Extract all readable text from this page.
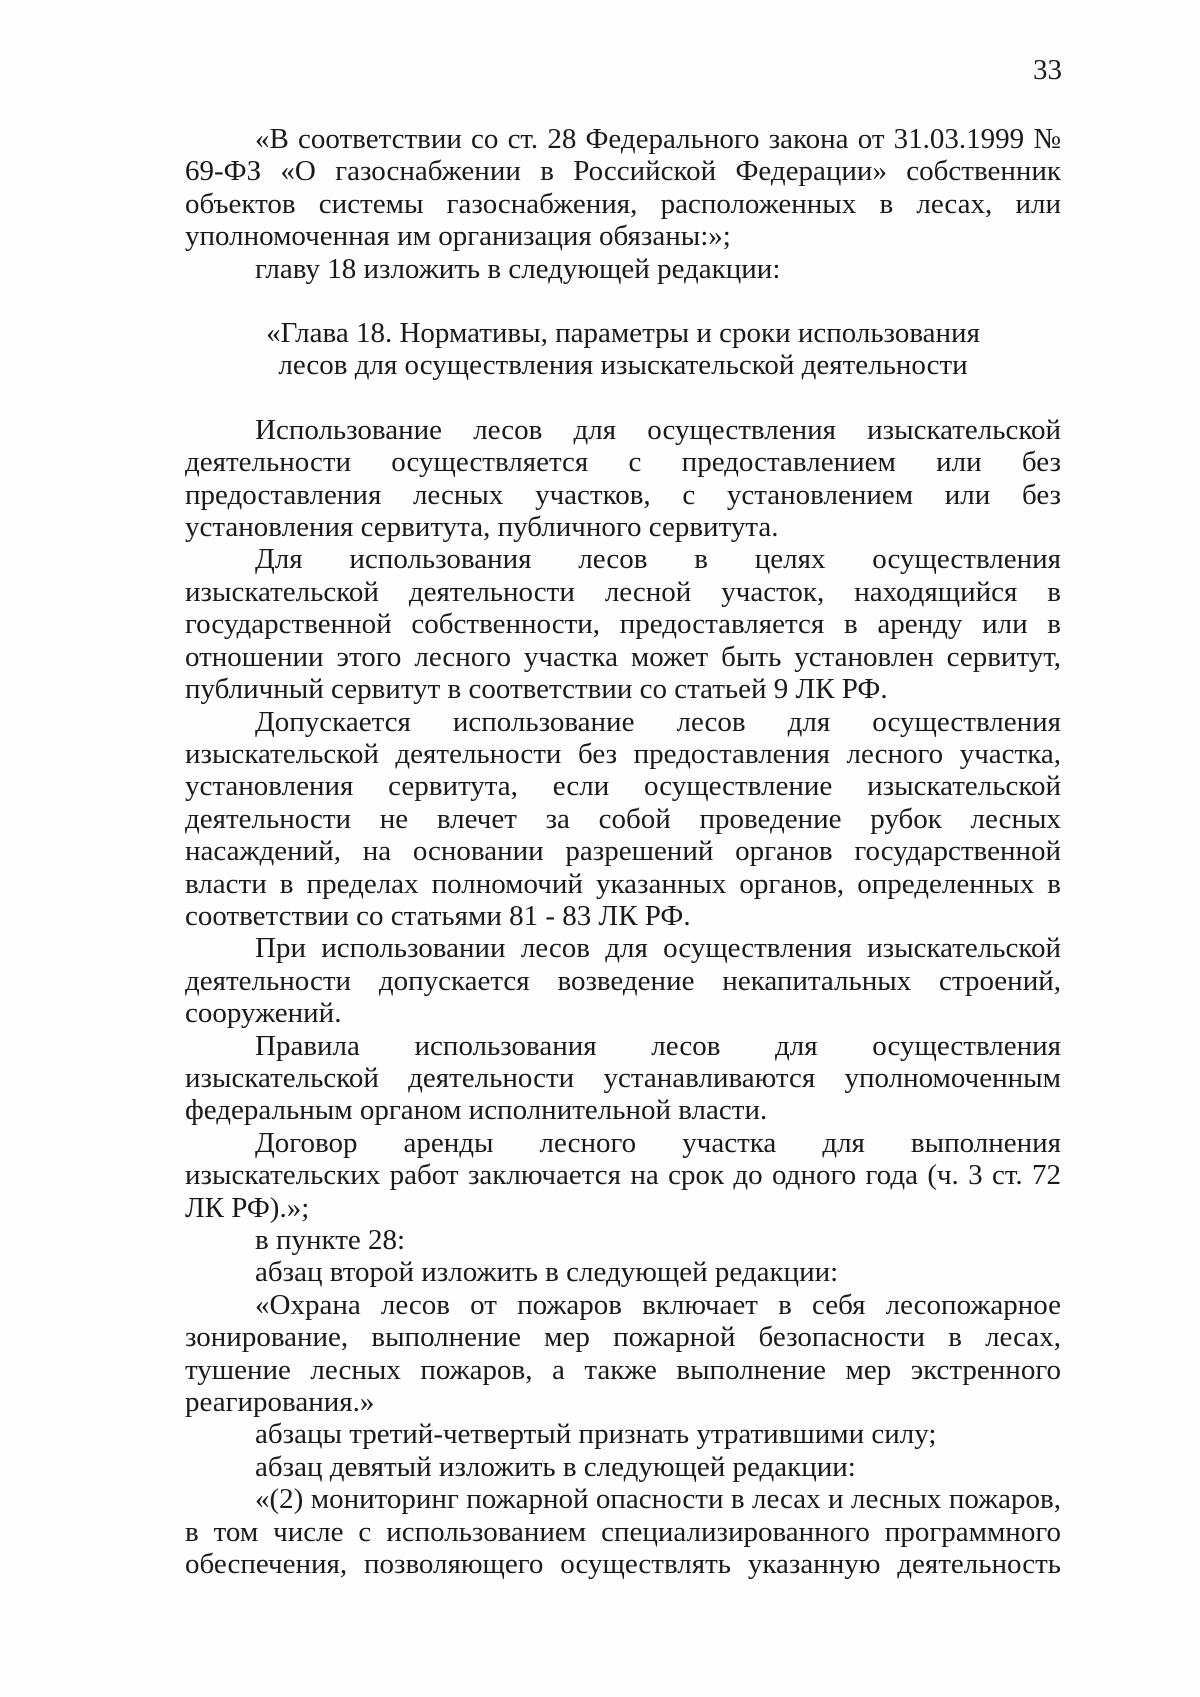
33

«В соответствии со ст. 28 Федерального закона от 31.03.1999 № 69-ФЗ «О газоснабжении в Российской Федерации» собственник объектов системы газоснабжения, расположенных в лесах, или уполномоченная им организация обязаны:»;

главу 18 изложить в следующей редакции:

«Глава 18. Нормативы, параметры и сроки использования
лесов для осуществления изыскательской деятельности

Использование лесов для осуществления изыскательской деятельности осуществляется с предоставлением или без предоставления лесных участков, с установлением или без установления сервитута, публичного сервитута.

Для использования лесов в целях осуществления изыскательской деятельности лесной участок, находящийся в государственной собственности, предоставляется в аренду или в отношении этого лесного участка может быть установлен сервитут, публичный сервитут в соответствии со статьей 9 ЛК РФ.

Допускается использование лесов для осуществления изыскательской деятельности без предоставления лесного участка, установления сервитута, если осуществление изыскательской деятельности не влечет за собой проведение рубок лесных насаждений, на основании разрешений органов государственной власти в пределах полномочий указанных органов, определенных в соответствии со статьями 81 - 83 ЛК РФ.

При использовании лесов для осуществления изыскательской деятельности допускается возведение некапитальных строений, сооружений.

Правила использования лесов для осуществления изыскательской деятельности устанавливаются уполномоченным федеральным органом исполнительной власти.

Договор аренды лесного участка для выполнения изыскательских работ заключается на срок до одного года (ч. 3 ст. 72 ЛК РФ).»;

в пункте 28:

абзац второй изложить в следующей редакции:

«Охрана лесов от пожаров включает в себя лесопожарное зонирование, выполнение мер пожарной безопасности в лесах, тушение лесных пожаров, а также выполнение мер экстренного реагирования.»

абзацы третий-четвертый признать утратившими силу;

абзац девятый изложить в следующей редакции:

«(2) мониторинг пожарной опасности в лесах и лесных пожаров, в том числе с использованием специализированного программного обеспечения, позволяющего осуществлять указанную деятельность
